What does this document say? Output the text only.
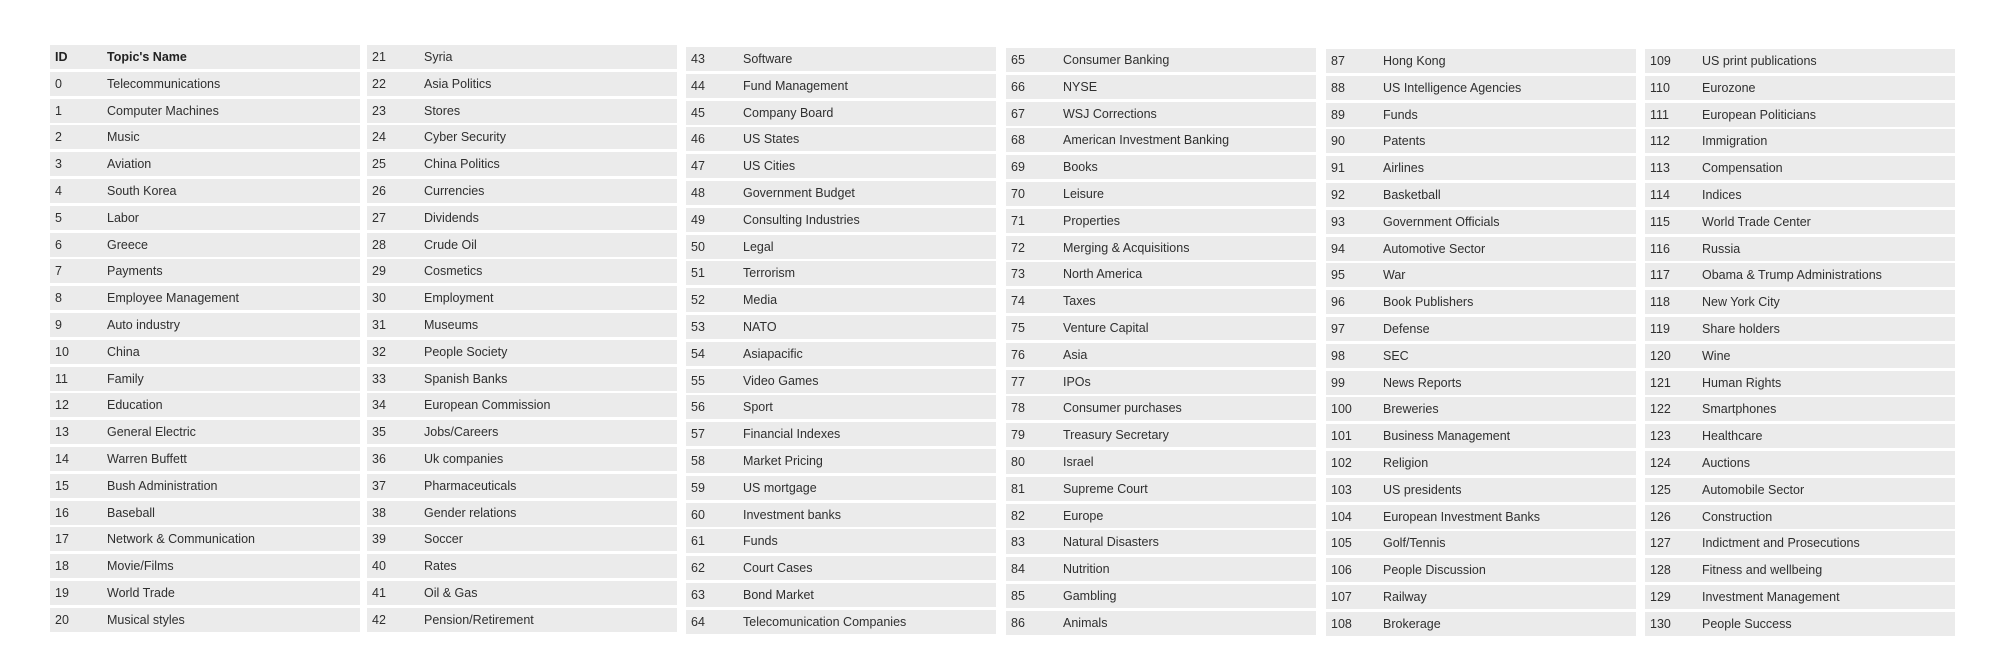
ID	Topic's Name
0	Telecommunications
1	Computer Machines
2	Music
3	Aviation
4	South Korea
5	Labor
6	Greece
7	Payments
8	Employee Management
9	Auto industry
10	China
11	Family
12	Education
13	General Electric
14	Warren Buffett
15	Bush Administration
16	Baseball
17	Network & Communication
18	Movie/Films
19	World Trade
20	Musical styles
21	Syria
22	Asia Politics
23	Stores
24	Cyber Security
25	China Politics
26	Currencies
27	Dividends
28	Crude Oil
29	Cosmetics
30	Employment
31	Museums
32	People Society
33	Spanish Banks
34	European Commission
35	Jobs/Careers
36	Uk companies
37	Pharmaceuticals
38	Gender relations
39	Soccer
40	Rates
41	Oil & Gas
42	Pension/Retirement
43	Software
44	Fund Management
45	Company Board
46	US States
47	US Cities
48	Government Budget
49	Consulting Industries
50	Legal
51	Terrorism
52	Media
53	NATO
54	Asiapacific
55	Video Games
56	Sport
57	Financial Indexes
58	Market Pricing
59	US mortgage
60	Investment banks
61	Funds
62	Court Cases
63	Bond Market
64	Telecomunication Companies
65	Consumer Banking
66	NYSE
67	WSJ Corrections
68	American Investment Banking
69	Books
70	Leisure
71	Properties
72	Merging & Acquisitions
73	North America
74	Taxes
75	Venture Capital
76	Asia
77	IPOs
78	Consumer purchases
79	Treasury Secretary
80	Israel
81	Supreme Court
82	Europe
83	Natural Disasters
84	Nutrition
85	Gambling
86	Animals
87	Hong Kong
88	US Intelligence Agencies
89	Funds
90	Patents
91	Airlines
92	Basketball
93	Government Officials
94	Automotive Sector
95	War
96	Book Publishers
97	Defense
98	SEC
99	News Reports
100 Breweries
101 Business Management
102 Religion
103 US presidents
104 European Investment Banks
105 Golf/Tennis
106 People Discussion
107 Railway
108 Brokerage
109 US print publications
110	Eurozone
111	European Politicians
112	Immigration
113	Compensation
114	Indices
115	World Trade Center
116	Russia
117	Obama & Trump Administrations
118	New York City
119	Share holders
120 Wine
121 Human Rights
122 Smartphones
123 Healthcare
124 Auctions
125 Automobile Sector
126 Construction
127 Indictment and Prosecutions
128 Fitness and wellbeing
129 Investment Management
130 People Success
